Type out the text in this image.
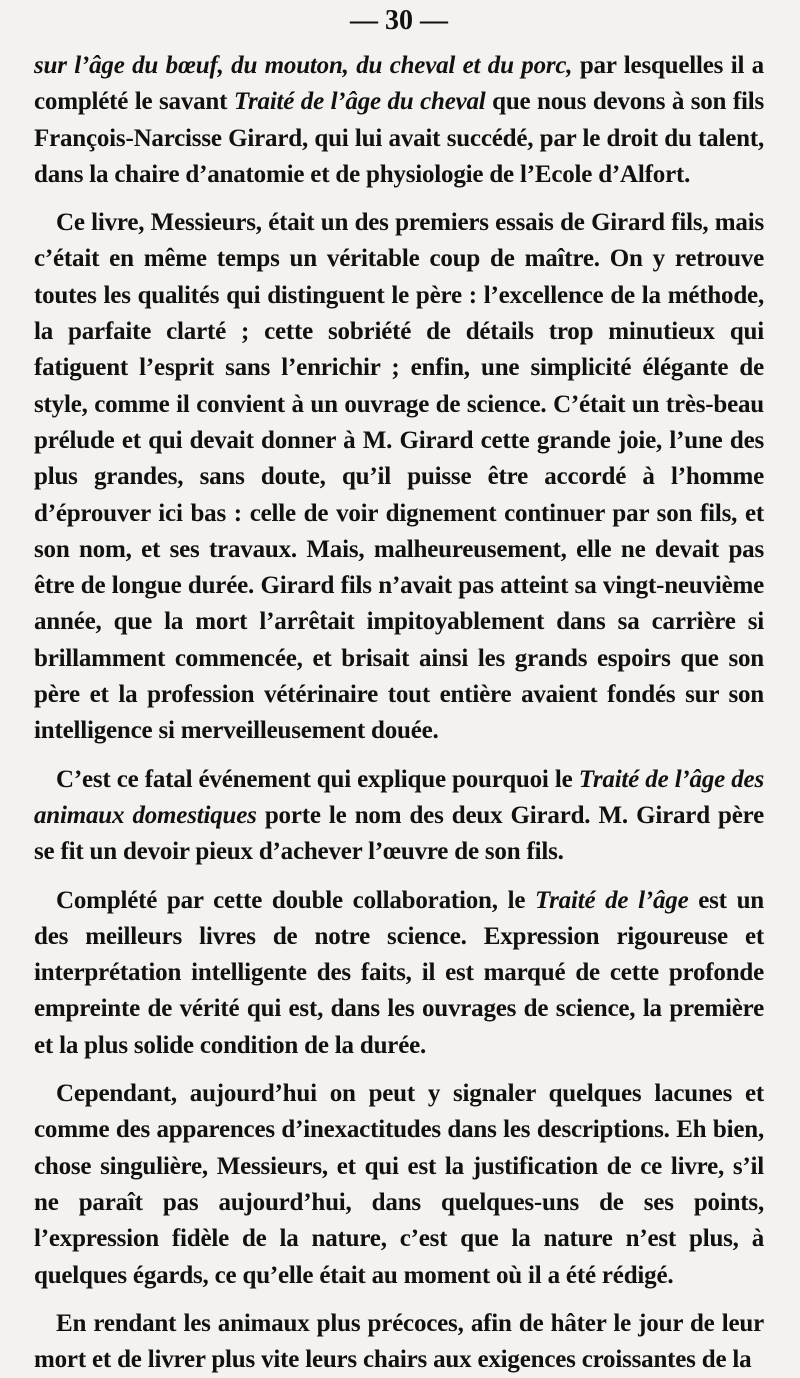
— 30 —

sur l’âge du bœuf, du mouton, du cheval et du porc, par lesquelles il a complété le savant Traité de l’âge du cheval que nous devons à son fils François-Narcisse Girard, qui lui avait succédé, par le droit du talent, dans la chaire d’anatomie et de physiologie de l’Ecole d’Alfort.

Ce livre, Messieurs, était un des premiers essais de Girard fils, mais c’était en même temps un véritable coup de maître. On y retrouve toutes les qualités qui distinguent le père : l’excellence de la méthode, la parfaite clarté ; cette sobriété de détails trop minutieux qui fatiguent l’esprit sans l’enrichir ; enfin, une simplicité élégante de style, comme il convient à un ouvrage de science. C’était un très-beau prélude et qui devait donner à M. Girard cette grande joie, l’une des plus grandes, sans doute, qu’il puisse être accordé à l’homme d’éprouver ici bas : celle de voir dignement continuer par son fils, et son nom, et ses travaux. Mais, malheureusement, elle ne devait pas être de longue durée. Girard fils n’avait pas atteint sa vingt-neuvième année, que la mort l’arrêtait impitoyablement dans sa carrière si brillamment commencée, et brisait ainsi les grands espoirs que son père et la profession vétérinaire tout entière avaient fondés sur son intelligence si merveilleusement douée.

C’est ce fatal événement qui explique pourquoi le Traité de l’âge des animaux domestiques porte le nom des deux Girard. M. Girard père se fit un devoir pieux d’achever l’œuvre de son fils.

Complété par cette double collaboration, le Traité de l’âge est un des meilleurs livres de notre science. Expression rigoureuse et interprétation intelligente des faits, il est marqué de cette profonde empreinte de vérité qui est, dans les ouvrages de science, la première et la plus solide condition de la durée.

Cependant, aujourd’hui on peut y signaler quelques lacunes et comme des apparences d’inexactitudes dans les descriptions. Eh bien, chose singulière, Messieurs, et qui est la justification de ce livre, s’il ne paraît pas aujourd’hui, dans quelques-uns de ses points, l’expression fidèle de la nature, c’est que la nature n’est plus, à quelques égards, ce qu’elle était au moment où il a été rédigé.

En rendant les animaux plus précoces, afin de hâter le jour de leur mort et de livrer plus vite leurs chairs aux exigences croissantes de la
